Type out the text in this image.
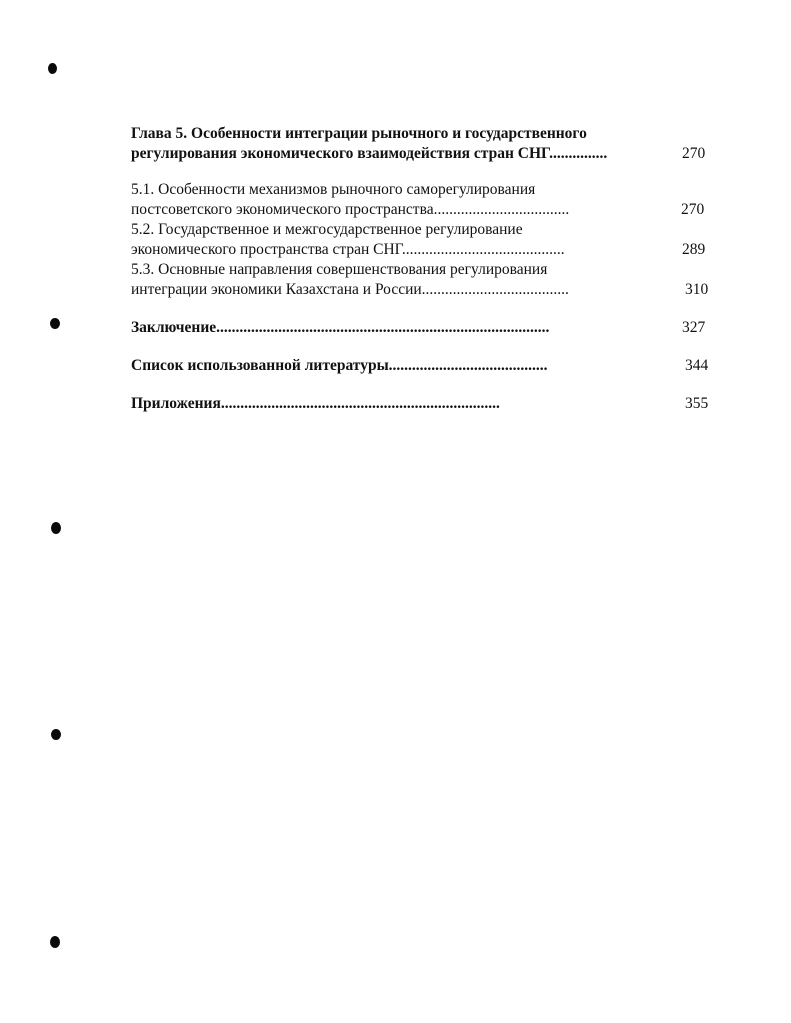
Глава 5. Особенности интеграции рыночного и государственного
регулирования экономического взаимодействия стран СНГ...............	270
5.1. Особенности механизмов рыночного саморегулирования
постсоветского экономического пространства...................................	270
5.2. Государственное и межгосударственное регулирование
экономического пространства стран СНГ..........................................	289
5.3. Основные направления совершенствования регулирования
интеграции экономики Казахстана и России......................................	310
Заключение......................................................................................	327
Список использованной литературы.........................................	344
Приложения........................................................................	355
